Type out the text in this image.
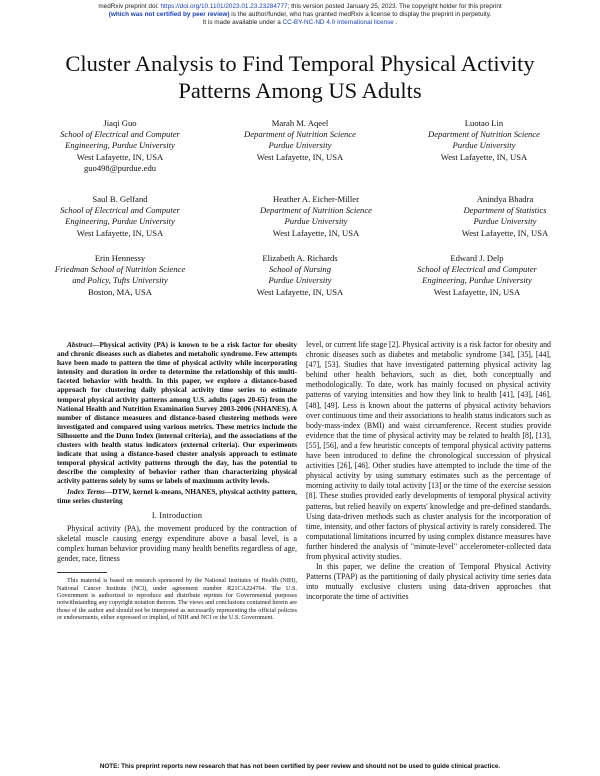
medRxiv preprint doi: https://doi.org/10.1101/2023.01.23.23284777; this version posted January 25, 2023. The copyright holder for this preprint
(which was not certified by peer review) is the author/funder, who has granted medRxiv a license to display the preprint in perpetuity.
It is made available under a CC-BY-NC-ND 4.0 International license .
Cluster Analysis to Find Temporal Physical Activity
Patterns Among US Adults
Jiaqi Guo
School of Electrical and Computer
Engineering, Purdue University
West Lafayette, IN, USA
guo498@purdue.edu
Marah M. Aqeel
Department of Nutrition Science
Purdue University
West Lafayette, IN, USA
Luotao Lin
Department of Nutrition Science
Purdue University
West Lafayette, IN, USA
Saul B. Gelfand
School of Electrical and Computer
Engineering, Purdue University
West Lafayette, IN, USA
Heather A. Eicher-Miller
Department of Nutrition Science
Purdue University
West Lafayette, IN, USA
Anindya Bhadra
Department of Statistics
Purdue University
West Lafayette, IN, USA
Erin Hennessy
Friedman School of Nutrition Science
and Policy, Tufts University
Boston, MA, USA
Elizabeth A. Richards
School of Nursing
Purdue University
West Lafayette, IN, USA
Edward J. Delp
School of Electrical and Computer
Engineering, Purdue University
West Lafayette, IN, USA

Abstract—Physical activity (PA) is known to be a risk factor for obesity and chronic diseases such as diabetes and metabolic syndrome. Few attempts have been made to pattern the time of physical activity while incorporating intensity and duration in order to determine the relationship of this multi-faceted behavior with health. In this paper, we explore a distance-based approach for clustering daily physical activity time series to estimate temporal physical activity patterns among U.S. adults (ages 20-65) from the National Health and Nutrition Examination Survey 2003-2006 (NHANES). A number of distance measures and distance-based clustering methods were investigated and compared using various metrics. These metrics include the Silhouette and the Dunn Index (internal criteria), and the associations of the clusters with health status indicators (external criteria). Our experiments indicate that using a distance-based cluster analysis approach to estimate temporal physical activity patterns through the day, has the potential to describe the complexity of behavior rather than characterizing physical activity patterns solely by sums or labels of maximum activity levels.

Index Terms—DTW, kernel k-means, NHANES, physical activity pattern, time series clustering

I. Introduction

Physical activity (PA), the movement produced by the contraction of skeletal muscle causing energy expenditure above a basal level, is a complex human behavior providing many health benefits regardless of age, gender, race, fitness

This material is based on research sponsored by the National Institutes of Health (NIH), National Cancer Institute (NCI), under agreement number R21CA224764. The U.S. Government is authorized to reproduce and distribute reprints for Governmental purposes notwithstanding any copyright notation thereon. The views and conclusions contained herein are those of the author and should not be interpreted as necessarily representing the official policies or endorsements, either expressed or implied, of NIH and NCI or the U.S. Government.

level, or current life stage [2]. Physical activity is a risk factor for obesity and chronic diseases such as diabetes and metabolic syndrome [34], [35], [44], [47], [53]. Studies that have investigated patterning physical activity lag behind other health behaviors, such as diet, both conceptually and methodologically. To date, work has mainly focused on physical activity patterns of varying intensities and how they link to health [41], [43], [46], [48], [49]. Less is known about the patterns of physical activity behaviors over continuous time and their associations to health status indicators such as body-mass-index (BMI) and waist circumference. Recent studies provide evidence that the time of physical activity may be related to health [8], [13], [55], [56], and a few heuristic concepts of temporal physical activity patterns have been introduced to define the chronological succession of physical activities [26], [46]. Other studies have attempted to include the time of the physical activity by using summary estimates such as the percentage of morning activity to daily total activity [13] or the time of the exercise session [8]. These studies provided early developments of temporal physical activity patterns, but relied heavily on experts' knowledge and pre-defined standards. Using data-driven methods such as cluster analysis for the incorporation of time, intensity, and other factors of physical activity is rarely considered. The computational limitations incurred by using complex distance measures have further hindered the analysis of "minute-level" accelerometer-collected data from physical activity studies.

In this paper, we define the creation of Temporal Physical Activity Patterns (TPAP) as the partitioning of daily physical activity time series data into mutually exclusive clusters using data-driven approaches that incorporate the time of activities

NOTE: This preprint reports new research that has not been certified by peer review and should not be used to guide clinical practice.
